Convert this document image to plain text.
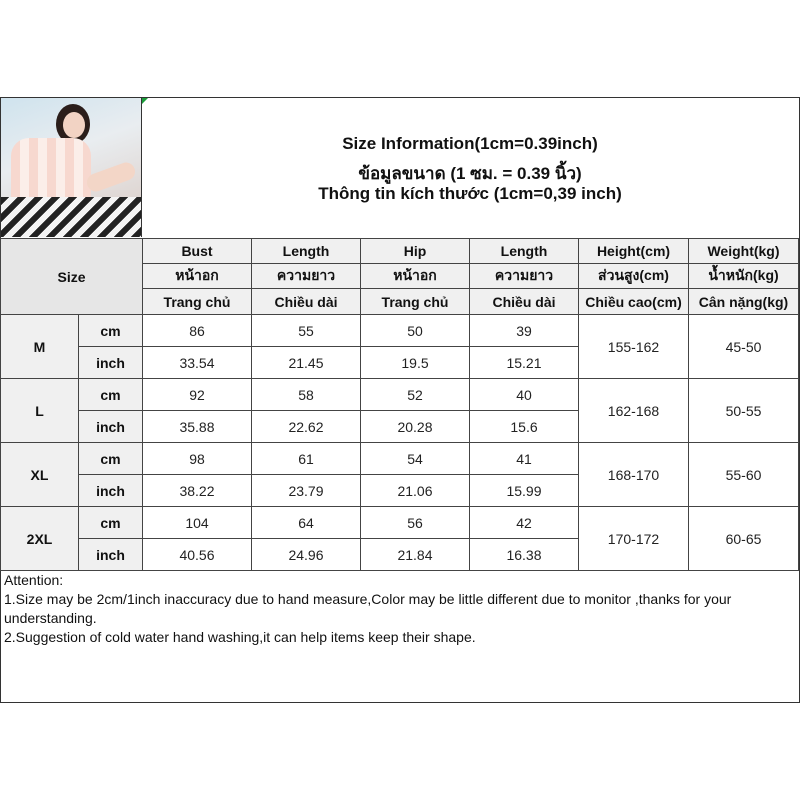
Size Information(1cm=0.39inch)
ข้อมูลขนาด (1 ซม. = 0.39 นิ้ว)
Thông tin kích thước (1cm=0,39 inch)
Size		Bust	Length	Hip	Length	Height(cm)	Weight(kg)
		หน้าอก	ความยาว	หน้าอก	ความยาว	ส่วนสูง(cm)	น้ำหนัก(kg)
		Trang chủ	Chiều dài	Trang chủ	Chiều dài	Chiều cao(cm)	Cân nặng(kg)
M	cm	86	55	50	39	155-162	45-50
	inch	33.54	21.45	19.5	15.21		
L	cm	92	58	52	40	162-168	50-55
	inch	35.88	22.62	20.28	15.6		
XL	cm	98	61	54	41	168-170	55-60
	inch	38.22	23.79	21.06	15.99		
2XL	cm	104	64	56	42	170-172	60-65
	inch	40.56	24.96	21.84	16.38		
Attention:
1.Size may be 2cm/1inch inaccuracy due to hand measure,Color may be little different due to monitor ,thanks for your
understanding.
2.Suggestion of cold water hand washing,it can help items keep their shape.
